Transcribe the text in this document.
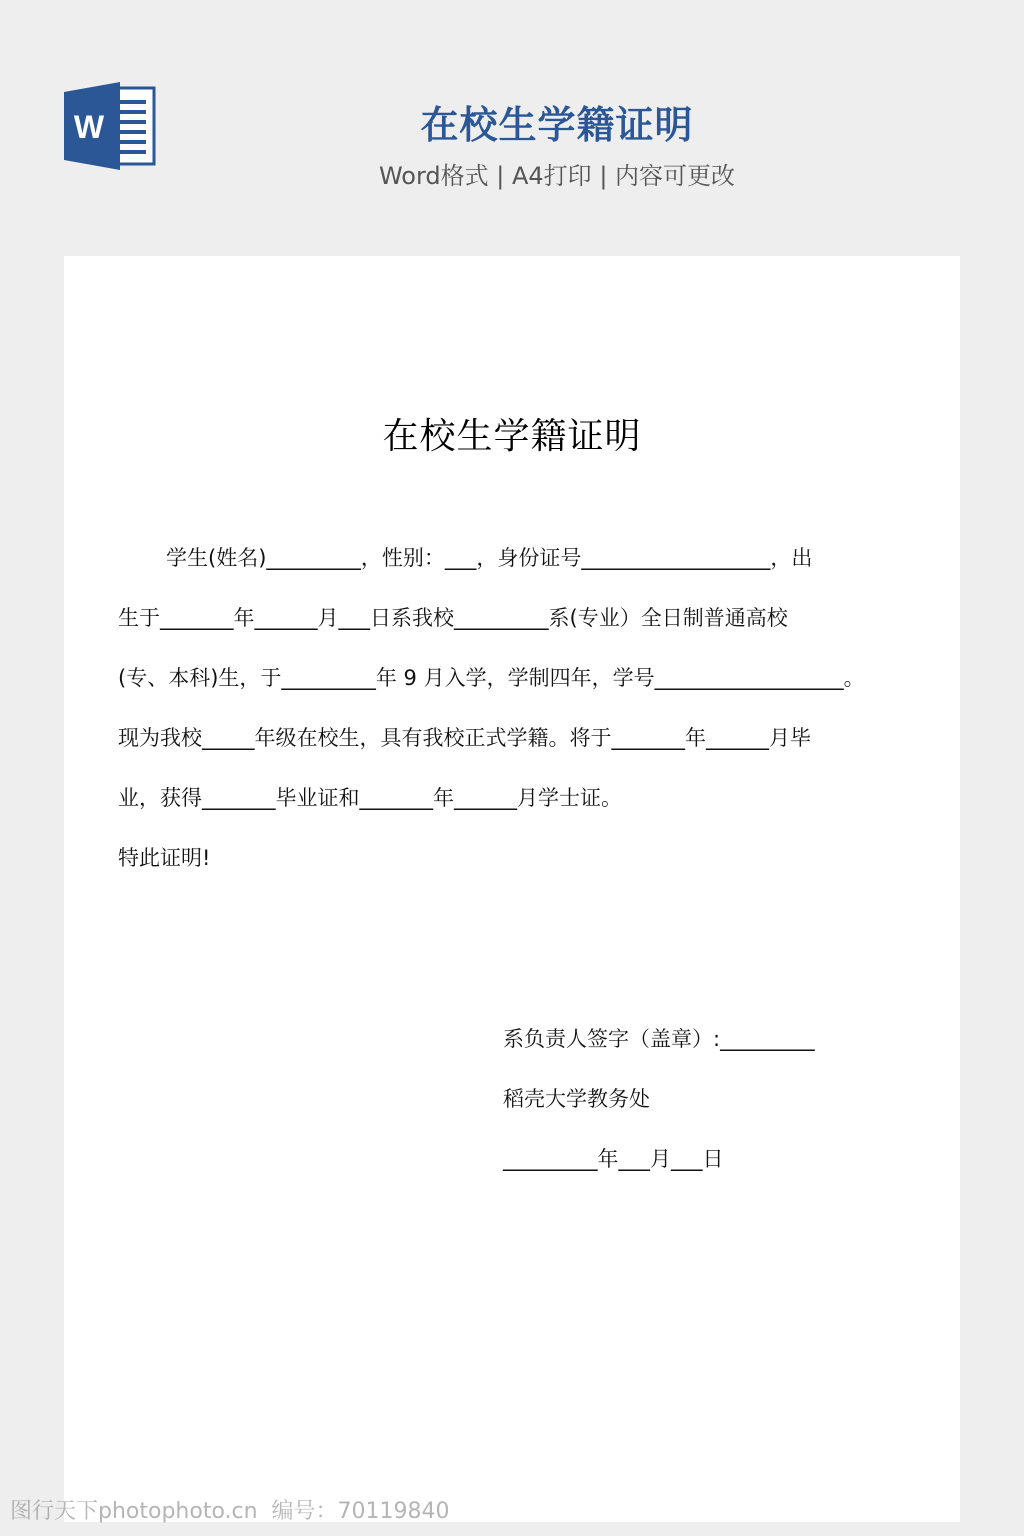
W	在校生学籍证明
Word格式 | A4打印 | 内容可更改
在校生学籍证明
学生(姓名)_________，性别：___，身份证号__________________，出
生于_______年______月___日系我校_________系(专业）全日制普通高校
(专、本科)生，于_________年 9 月入学，学制四年，学号__________________。
现为我校_____年级在校生，具有我校正式学籍。将于_______年______月毕
业，获得_______毕业证和_______年______月学士证。
特此证明!
系负责人签字（盖章）:_________
稻壳大学教务处
_________年___月___日
图行天下photophoto.cn  编号：70119840
